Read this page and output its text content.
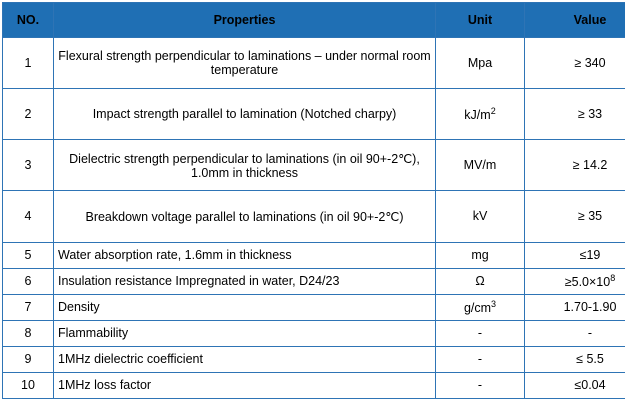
NO.	Properties	Unit	Value
1	Flexural strength perpendicular to laminations – under normal room temperature	Mpa	≥ 340
2	Impact strength parallel to lamination (Notched charpy)	$kJ/m^2$	≥ 33
3	Dielectric strength perpendicular to laminations (in oil 90+-2℃), 1.0mm in thickness	MV/m	≥ 14.2
4	Breakdown voltage parallel to laminations (in oil 90+-2℃)	kV	≥ 35
5	Water absorption rate, 1.6mm in thickness	mg	≤19
6	Insulation resistance Impregnated in water, D24/23	Ω	$\ge 5.0\times 10^8$
7	Density	$g/cm^3$	1.70-1.90
8	Flammability	-	-
9	1MHz dielectric coefficient	-	≤ 5.5
10	1MHz loss factor	-	≤0.04
